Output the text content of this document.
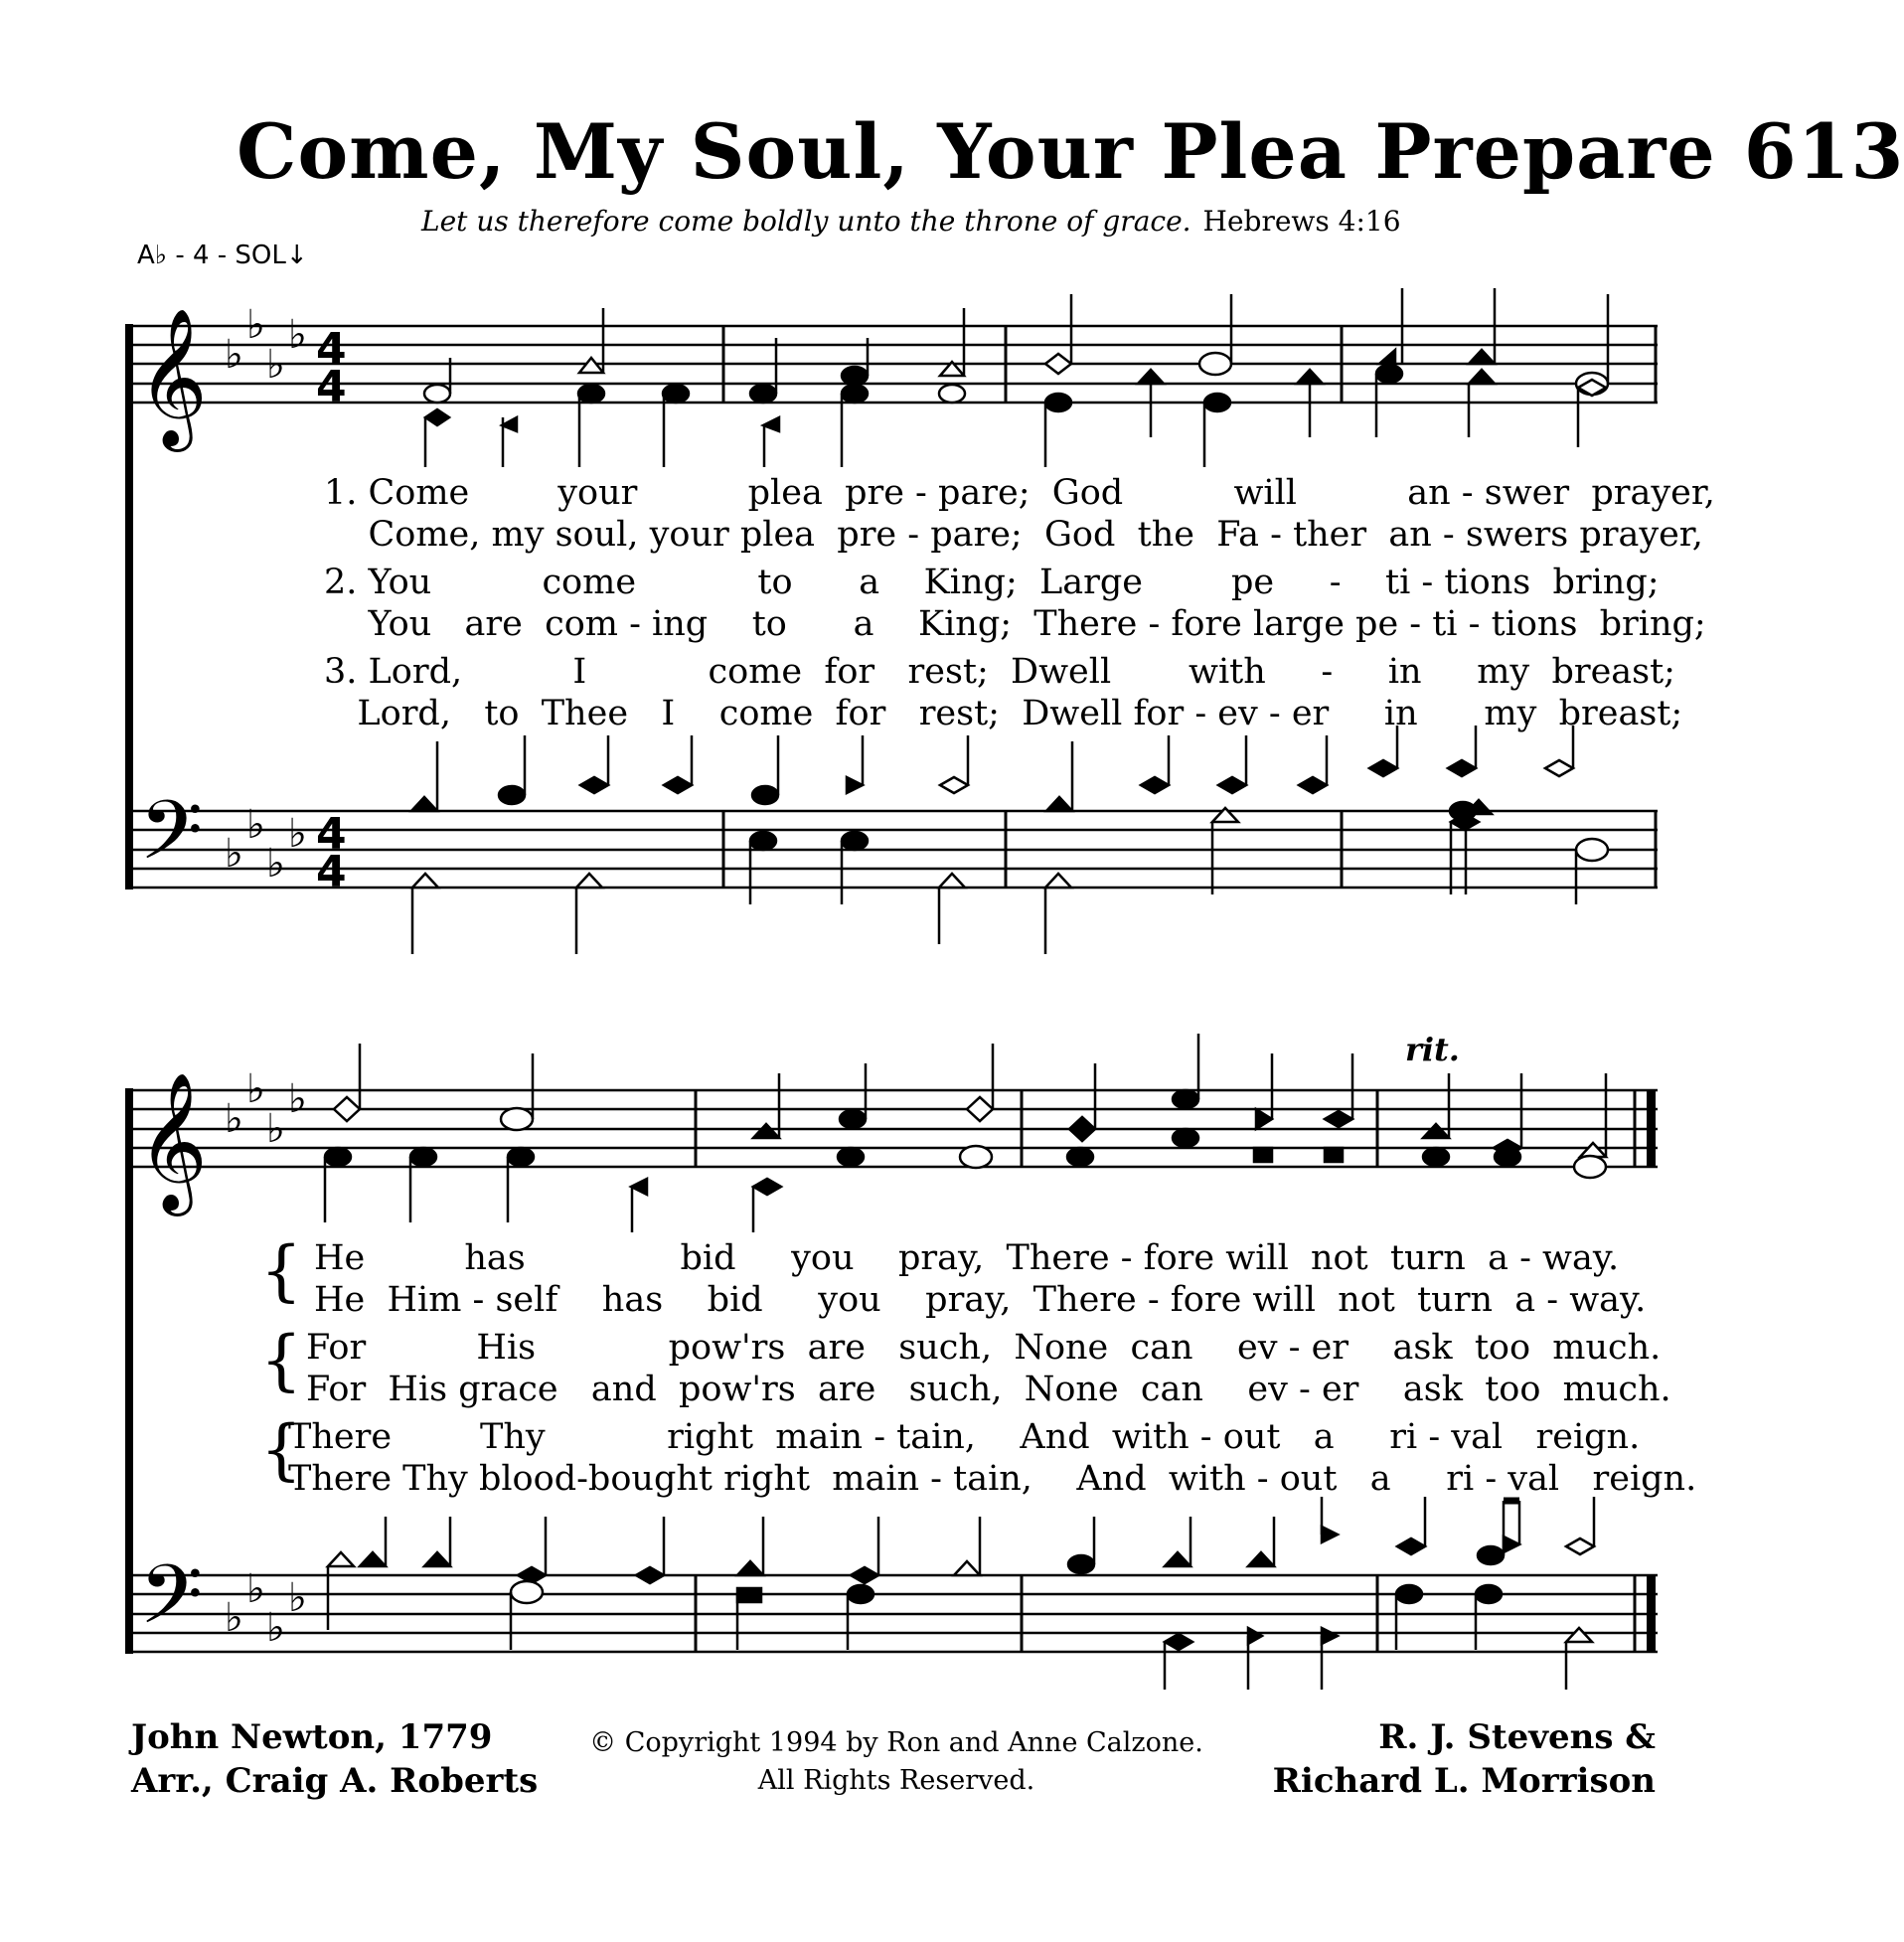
Come, My Soul, Your Plea Prepare 613
Let us therefore come boldly unto the throne of grace. Hebrews 4:16
A♭ - 4 - SOL↓
𝄞
𝄢
𝄞
𝄢
♭
♭
♭
♭
♭
♭
♭
♭
♭
♭
♭
♭
♭
♭
♭
♭
4
4
4
4
rit.
1. Come        your          plea  pre - pare;  God          will          an - swer  prayer,
Come, my soul, your plea  pre - pare;  God  the  Fa - ther  an - swers prayer,
2. You          come           to      a    King;  Large        pe     -    ti - tions  bring;
You   are  com - ing    to      a    King;  There - fore large pe - ti - tions  bring;
3. Lord,          I           come  for   rest;  Dwell       with     -     in     my  breast;
Lord,   to  Thee   I    come  for   rest;  Dwell for - ev - er     in      my  breast;
{
{
{
He         has              bid     you    pray,  There - fore will  not  turn  a - way.
He  Him - self    has    bid     you    pray,  There - fore will  not  turn  a - way.
For          His            pow'rs  are   such,  None  can    ev - er    ask  too  much.
For  His grace   and  pow'rs  are   such,  None  can    ev - er    ask  too  much.
There        Thy           right  main - tain,    And  with - out   a     ri - val   reign.
There Thy blood-bought right  main - tain,    And  with - out   a     ri - val   reign.
John Newton, 1779
Arr., Craig A. Roberts
© Copyright 1994 by Ron and Anne Calzone.
All Rights Reserved.
R. J. Stevens &
Richard L. Morrison
